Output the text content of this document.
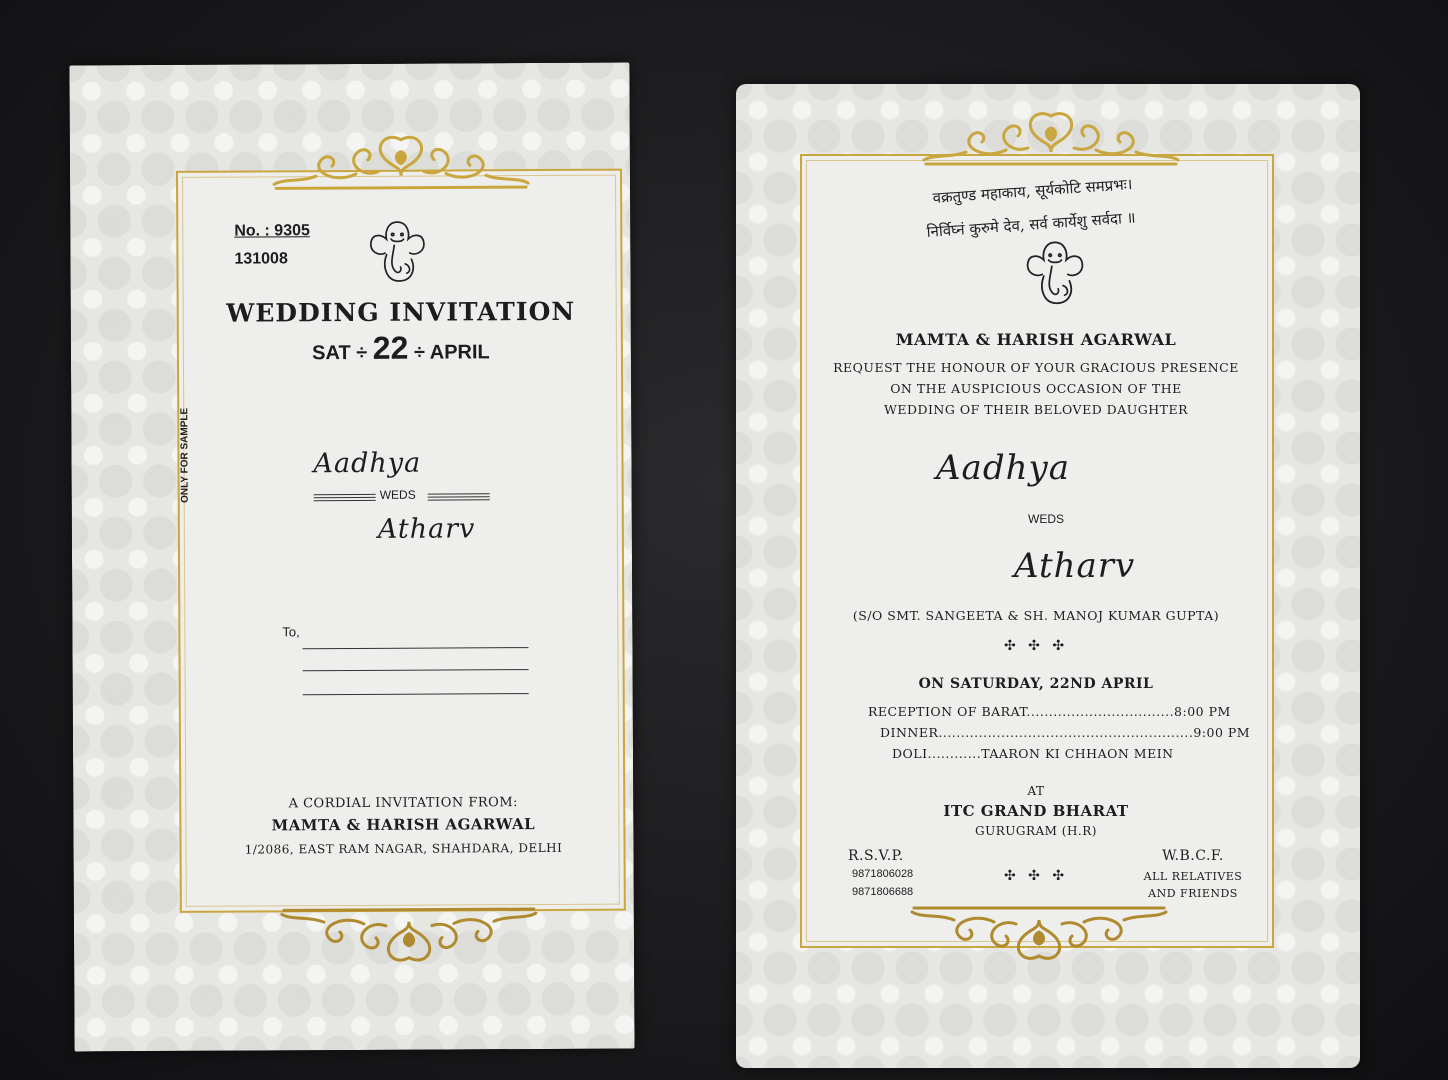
No. : 9305
131008
WEDDING INVITATION
SAT ÷ 22 ÷ APRIL
ONLY FOR SAMPLE	Aadhya
WEDS
Atharv
To,
A CORDIAL INVITATION FROM:
MAMTA & HARISH AGARWAL
1/2086, EAST RAM NAGAR, SHAHDARA, DELHI
वक्रतुण्ड महाकाय, सूर्यकोटि समप्रभः।
निर्विघ्नं कुरुमे देव, सर्व कार्येशु सर्वदा ॥
MAMTA & HARISH AGARWAL
REQUEST THE HONOUR OF YOUR GRACIOUS PRESENCE
ON THE AUSPICIOUS OCCASION OF THE
WEDDING OF THEIR BELOVED DAUGHTER
Aadhya
WEDS
Atharv
(S/O SMT. SANGEETA & SH. MANOJ KUMAR GUPTA)
✣ ✣ ✣
ON SATURDAY, 22ND APRIL
RECEPTION OF BARAT.................................8:00 PM
DINNER.........................................................9:00 PM
DOLI............TAARON KI CHHAON MEIN
AT
ITC GRAND BHARAT
GURUGRAM (H.R)
R.S.V.P.
9871806028
9871806688
✣ ✣ ✣
W.B.C.F.
ALL RELATIVES
AND FRIENDS
